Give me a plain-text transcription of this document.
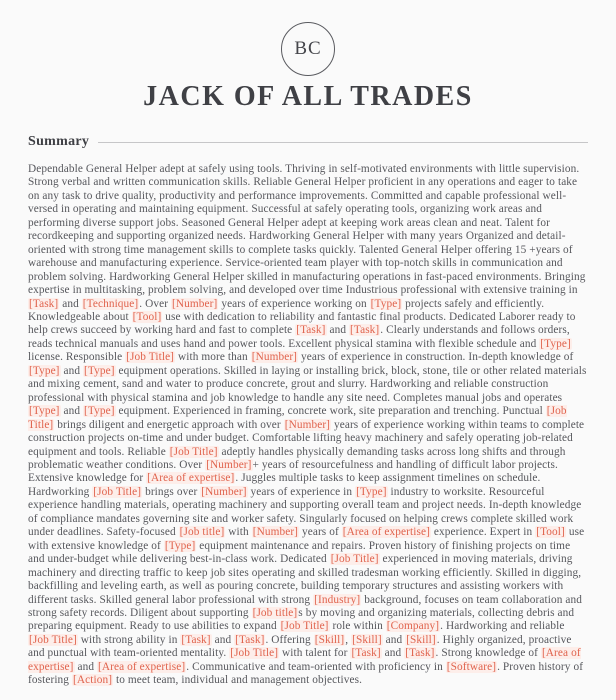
BC
JACK OF ALL TRADES
Summary

Dependable General Helper adept at safely using tools. Thriving in self-motivated environments with little supervision. Strong verbal and written communication skills. Reliable General Helper proficient in any operations and eager to take on any task to drive quality, productivity and performance improvements. Committed and capable professional well-versed in operating and maintaining equipment. Successful at safely operating tools, organizing work areas and performing diverse support jobs. Seasoned General Helper adept at keeping work areas clean and neat. Talent for recordkeeping and supporting organized needs. Hardworking General Helper with many years Organized and detail-oriented with strong time management skills to complete tasks quickly. Talented General Helper offering 15 +years of warehouse and manufacturing experience. Service-oriented team player with top-notch skills in communication and problem solving. Hardworking General Helper skilled in manufacturing operations in fast-paced environments. Bringing expertise in multitasking, problem solving, and developed over time Industrious professional with extensive training in [Task] and [Technique]. Over [Number] years of experience working on [Type] projects safely and efficiently. Knowledgeable about [Tool] use with dedication to reliability and fantastic final products. Dedicated Laborer ready to help crews succeed by working hard and fast to complete [Task] and [Task]. Clearly understands and follows orders, reads technical manuals and uses hand and power tools. Excellent physical stamina with flexible schedule and [Type] license. Responsible [Job Title] with more than [Number] years of experience in construction. In-depth knowledge of [Type] and [Type] equipment operations. Skilled in laying or installing brick, block, stone, tile or other related materials and mixing cement, sand and water to produce concrete, grout and slurry. Hardworking and reliable construction professional with physical stamina and job knowledge to handle any site need. Completes manual jobs and operates [Type] and [Type] equipment. Experienced in framing, concrete work, site preparation and trenching. Punctual [Job Title] brings diligent and energetic approach with over [Number] years of experience working within teams to complete construction projects on-time and under budget. Comfortable lifting heavy machinery and safely operating job-related equipment and tools. Reliable [Job Title] adeptly handles physically demanding tasks across long shifts and through problematic weather conditions. Over [Number]+ years of resourcefulness and handling of difficult labor projects. Extensive knowledge for [Area of expertise]. Juggles multiple tasks to keep assignment timelines on schedule. Hardworking [Job Title] brings over [Number] years of experience in [Type] industry to worksite. Resourceful experience handling materials, operating machinery and supporting overall team and project needs. In-depth knowledge of compliance mandates governing site and worker safety. Singularly focused on helping crews complete skilled work under deadlines. Safety-focused [Job title] with [Number] years of [Area of expertise] experience. Expert in [Tool] use with extensive knowledge of [Type] equipment maintenance and repairs. Proven history of finishing projects on time and under-budget while delivering best-in-class work. Dedicated [Job Title] experienced in moving materials, driving machinery and directing traffic to keep job sites operating and skilled tradesman working efficiently. Skilled in digging, backfilling and leveling earth, as well as pouring concrete, building temporary structures and assisting workers with different tasks. Skilled general labor professional with strong [Industry] background, focuses on team collaboration and strong safety records. Diligent about supporting [Job title]s by moving and organizing materials, collecting debris and preparing equipment. Ready to use abilities to expand [Job Title] role within [Company]. Hardworking and reliable [Job Title] with strong ability in [Task] and [Task]. Offering [Skill], [Skill] and [Skill]. Highly organized, proactive and punctual with team-oriented mentality. [Job Title] with talent for [Task] and [Task]. Strong knowledge of [Area of expertise] and [Area of expertise]. Communicative and team-oriented with proficiency in [Software]. Proven history of fostering [Action] to meet team, individual and management objectives.
